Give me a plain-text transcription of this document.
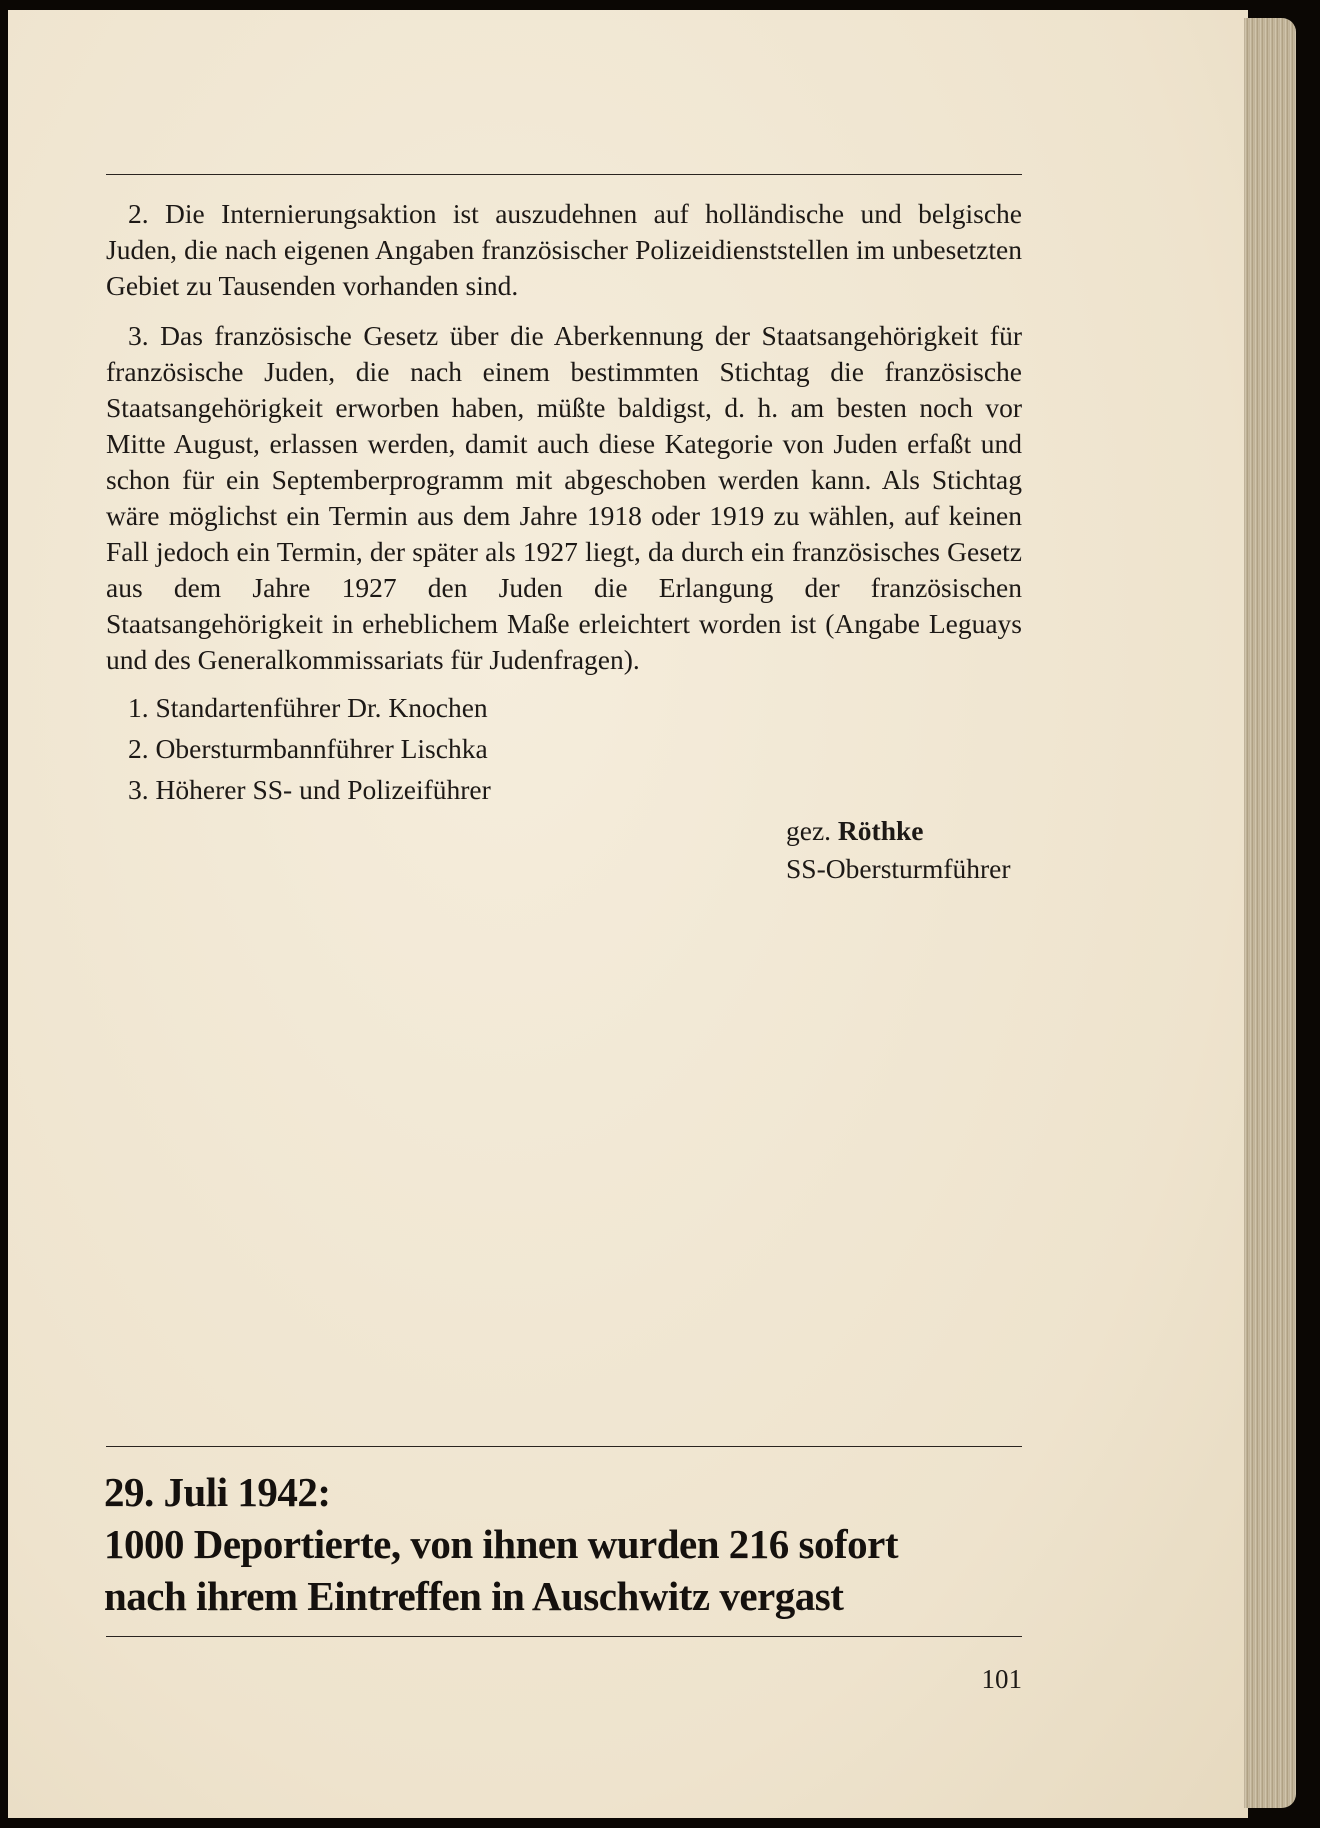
2. Die Internierungsaktion ist auszudehnen auf holländische und belgische Juden, die nach eigenen Angaben französischer Polizeidienststellen im unbesetzten Gebiet zu Tausenden vorhanden sind.

3. Das französische Gesetz über die Aberkennung der Staatsangehörigkeit für französische Juden, die nach einem bestimmten Stichtag die französische Staatsangehörigkeit erworben haben, müßte baldigst, d. h. am besten noch vor Mitte August, erlassen werden, damit auch diese Kategorie von Juden erfaßt und schon für ein Septemberprogramm mit abgeschoben werden kann. Als Stichtag wäre möglichst ein Termin aus dem Jahre 1918 oder 1919 zu wählen, auf keinen Fall jedoch ein Termin, der später als 1927 liegt, da durch ein französisches Gesetz aus dem Jahre 1927 den Juden die Erlangung der französischen Staatsangehörigkeit in erheblichem Maße erleichtert worden ist (Angabe Leguays und des Generalkommissariats für Judenfragen).

1. Standartenführer Dr. Knochen
2. Obersturmbannführer Lischka
3. Höherer SS- und Polizeiführer
gez. Röthke
SS-Obersturmführer
29. Juli 1942:
1000 Deportierte, von ihnen wurden 216 sofort
nach ihrem Eintreffen in Auschwitz vergast
101
